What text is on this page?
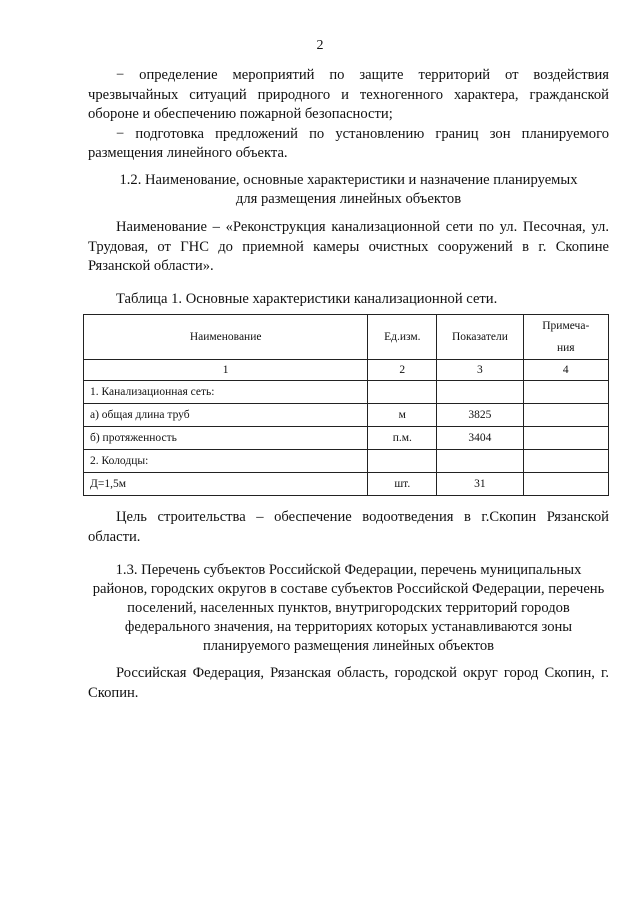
2
− определение мероприятий по защите территорий от воздействия чрезвычайных ситуаций природного и техногенного характера, гражданской обороне и обеспечению пожарной безопасности;
− подготовка предложений по установлению границ зон планируемого размещения линейного объекта.
1.2. Наименование, основные характеристики и назначение планируемых
для размещения линейных объектов
Наименование – «Реконструкция канализационной сети по ул. Песочная, ул. Трудовая, от ГНС до приемной камеры очистных сооружений в г. Скопине Рязанской области».
Таблица 1. Основные характеристики канализационной сети.
Наименование	Ед.изм.	Показатели	Примеча-
ния

1	2	3	4
1. Канализационная сеть:			
а) общая длина труб	м	3825	
б) протяженность	п.м.	3404	
2. Колодцы:			
Д=1,5м	шт.	31	
Цель строительства – обеспечение водоотведения в г.Скопин Рязанской области.
1.3. Перечень субъектов Российской Федерации, перечень муниципальных
районов, городских округов в составе субъектов Российской Федерации, перечень
поселений, населенных пунктов, внутригородских территорий городов
федерального значения, на территориях которых устанавливаются зоны
планируемого размещения линейных объектов
Российская Федерация, Рязанская область, городской округ город Скопин, г. Скопин.
